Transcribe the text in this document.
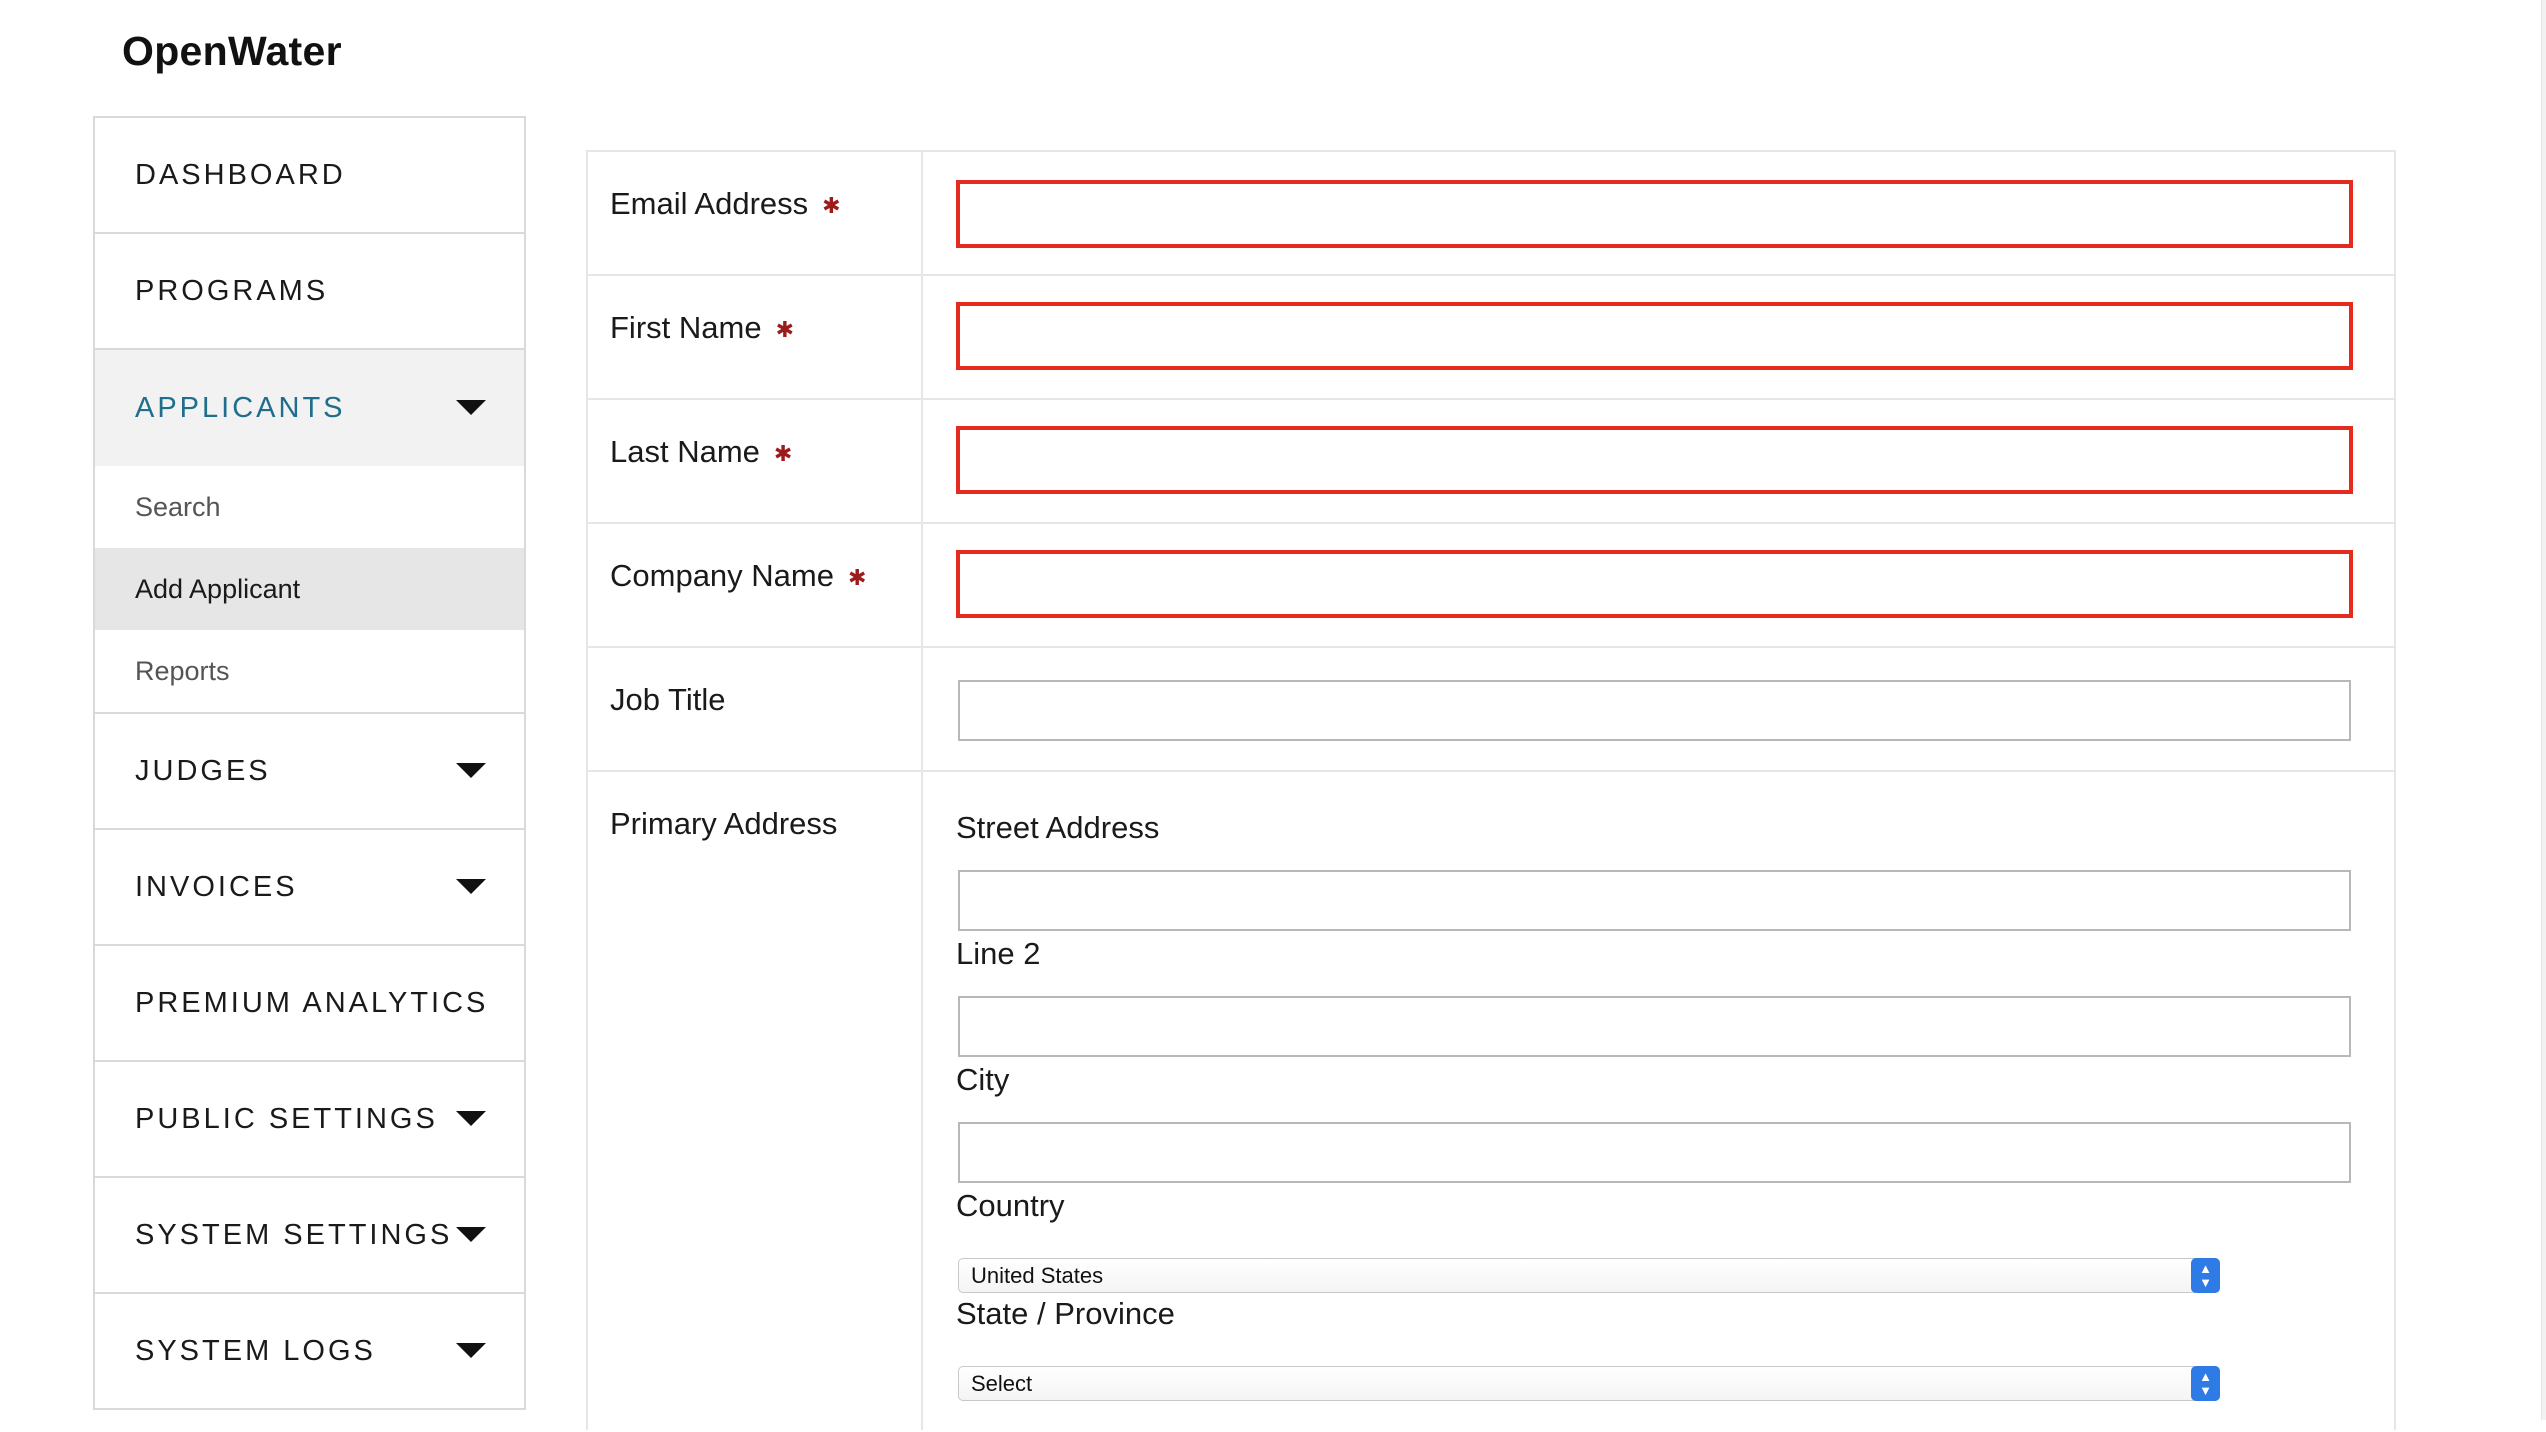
OpenWater
DASHBOARD
PROGRAMS
APPLICANTS
Search
Add Applicant
Reports
JUDGES
INVOICES
PREMIUM ANALYTICS
PUBLIC SETTINGS
SYSTEM SETTINGS
SYSTEM LOGS
Email Address ✱
First Name ✱
Last Name ✱
Company Name ✱
Job Title
Primary Address	Street Address
Line 2
City
Country
United States	▲
▼
State / Province
Select	▲
▼
